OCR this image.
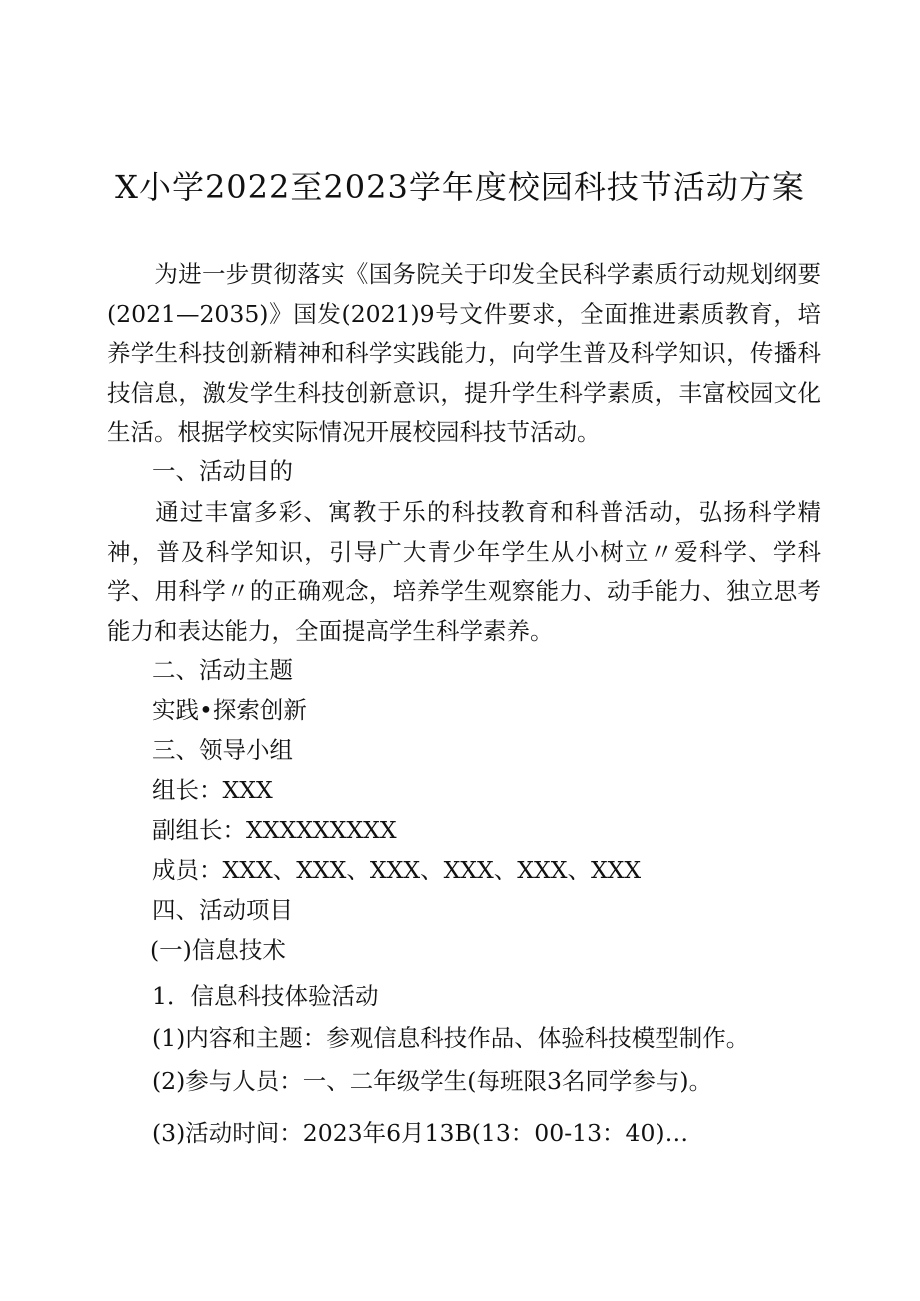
X小学2022至2023学年度校园科技节活动方案

为进一步贯彻落实《国务院关于印发全民科学素质行动规划纲要(2021—2035)》国发(2021)9号文件要求，全面推进素质教育，培养学生科技创新精神和科学实践能力，向学生普及科学知识，传播科技信息，激发学生科技创新意识，提升学生科学素质，丰富校园文化生活。根据学校实际情况开展校园科技节活动。

一、活动目的

通过丰富多彩、寓教于乐的科技教育和科普活动，弘扬科学精神，普及科学知识，引导广大青少年学生从小树立〃爱科学、学科学、用科学〃的正确观念，培养学生观察能力、动手能力、独立思考能力和表达能力，全面提高学生科学素养。

二、活动主题

实践•探索创新

三、领导小组

组长：XXX

副组长：XXXXXXXXX

成员：XXX、XXX、XXX、XXX、XXX、XXX

四、活动项目

(一)信息技术

1．信息科技体验活动

(1)内容和主题：参观信息科技作品、体验科技模型制作。

(2)参与人员：一、二年级学生(每班限3名同学参与)。

(3)活动时间：2023年6月13B(13：00-13：40)…
